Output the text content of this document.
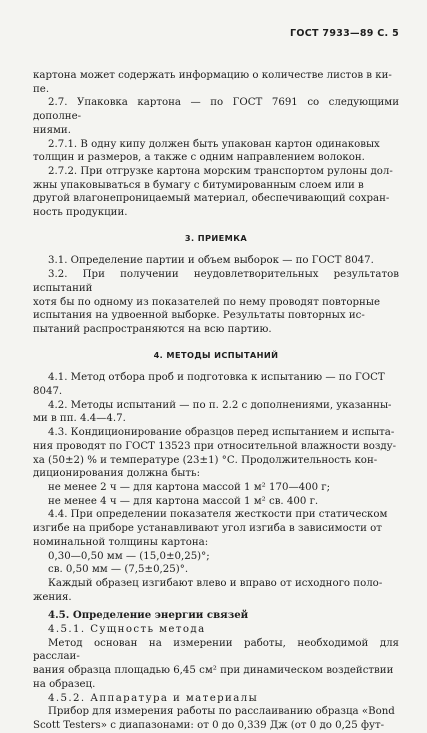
ГОСТ 7933—89 С. 5

картона может содержать информацию о количестве листов в ки-

пе.

2.7. Упаковка картона — по ГОСТ 7691 со следующими дополне-

ниями.

2.7.1. В одну кипу должен быть упакован картон одинаковых

толщин и размеров, а также с одним направлением волокон.

2.7.2. При отгрузке картона морским транспортом рулоны дол-

жны упаковываться в бумагу с битумированным слоем или в

другой влагонепроницаемый материал, обеспечивающий сохран-

ность продукции.

3. ПРИЕМКА

3.1. Определение партии и объем выборок — по ГОСТ 8047.

3.2. При получении неудовлетворительных результатов испытаний

хотя бы по одному из показателей по нему проводят повторные

испытания на удвоенной выборке. Результаты повторных ис-

пытаний распространяются на всю партию.

4. МЕТОДЫ ИСПЫТАНИЙ

4.1. Метод отбора проб и подготовка к испытанию — по ГОСТ

8047.

4.2. Методы испытаний — по п. 2.2 с дополнениями, указанны-

ми в пп. 4.4—4.7.

4.3. Кондиционирование образцов перед испытанием и испыта-

ния проводят по ГОСТ 13523 при относительной влажности возду-

ха (50±2) % и температуре (23±1) °С. Продолжительность кон-

диционирования должна быть:

не менее 2 ч — для картона массой 1 м² 170—400 г;

не менее 4 ч — для картона массой 1 м² св. 400 г.

4.4. При определении показателя жесткости при статическом

изгибе на приборе устанавливают угол изгиба в зависимости от

номинальной толщины картона:

0,30—0,50 мм — (15,0±0,25)°;

св. 0,50 мм — (7,5±0,25)°.

Каждый образец изгибают влево и вправо от исходного поло-

жения.

4.5. Определение энергии связей

4.5.1. Сущность метода

Метод основан на измерении работы, необходимой для расслаи-

вания образца площадью 6,45 см² при динамическом воздействии

на образец.

4.5.2. Аппаратура и материалы

Прибор для измерения работы по расслаиванию образца «Bond

Scott Testers» с диапазонами: от 0 до 0,339 Дж (от 0 до 0,25 фут-
